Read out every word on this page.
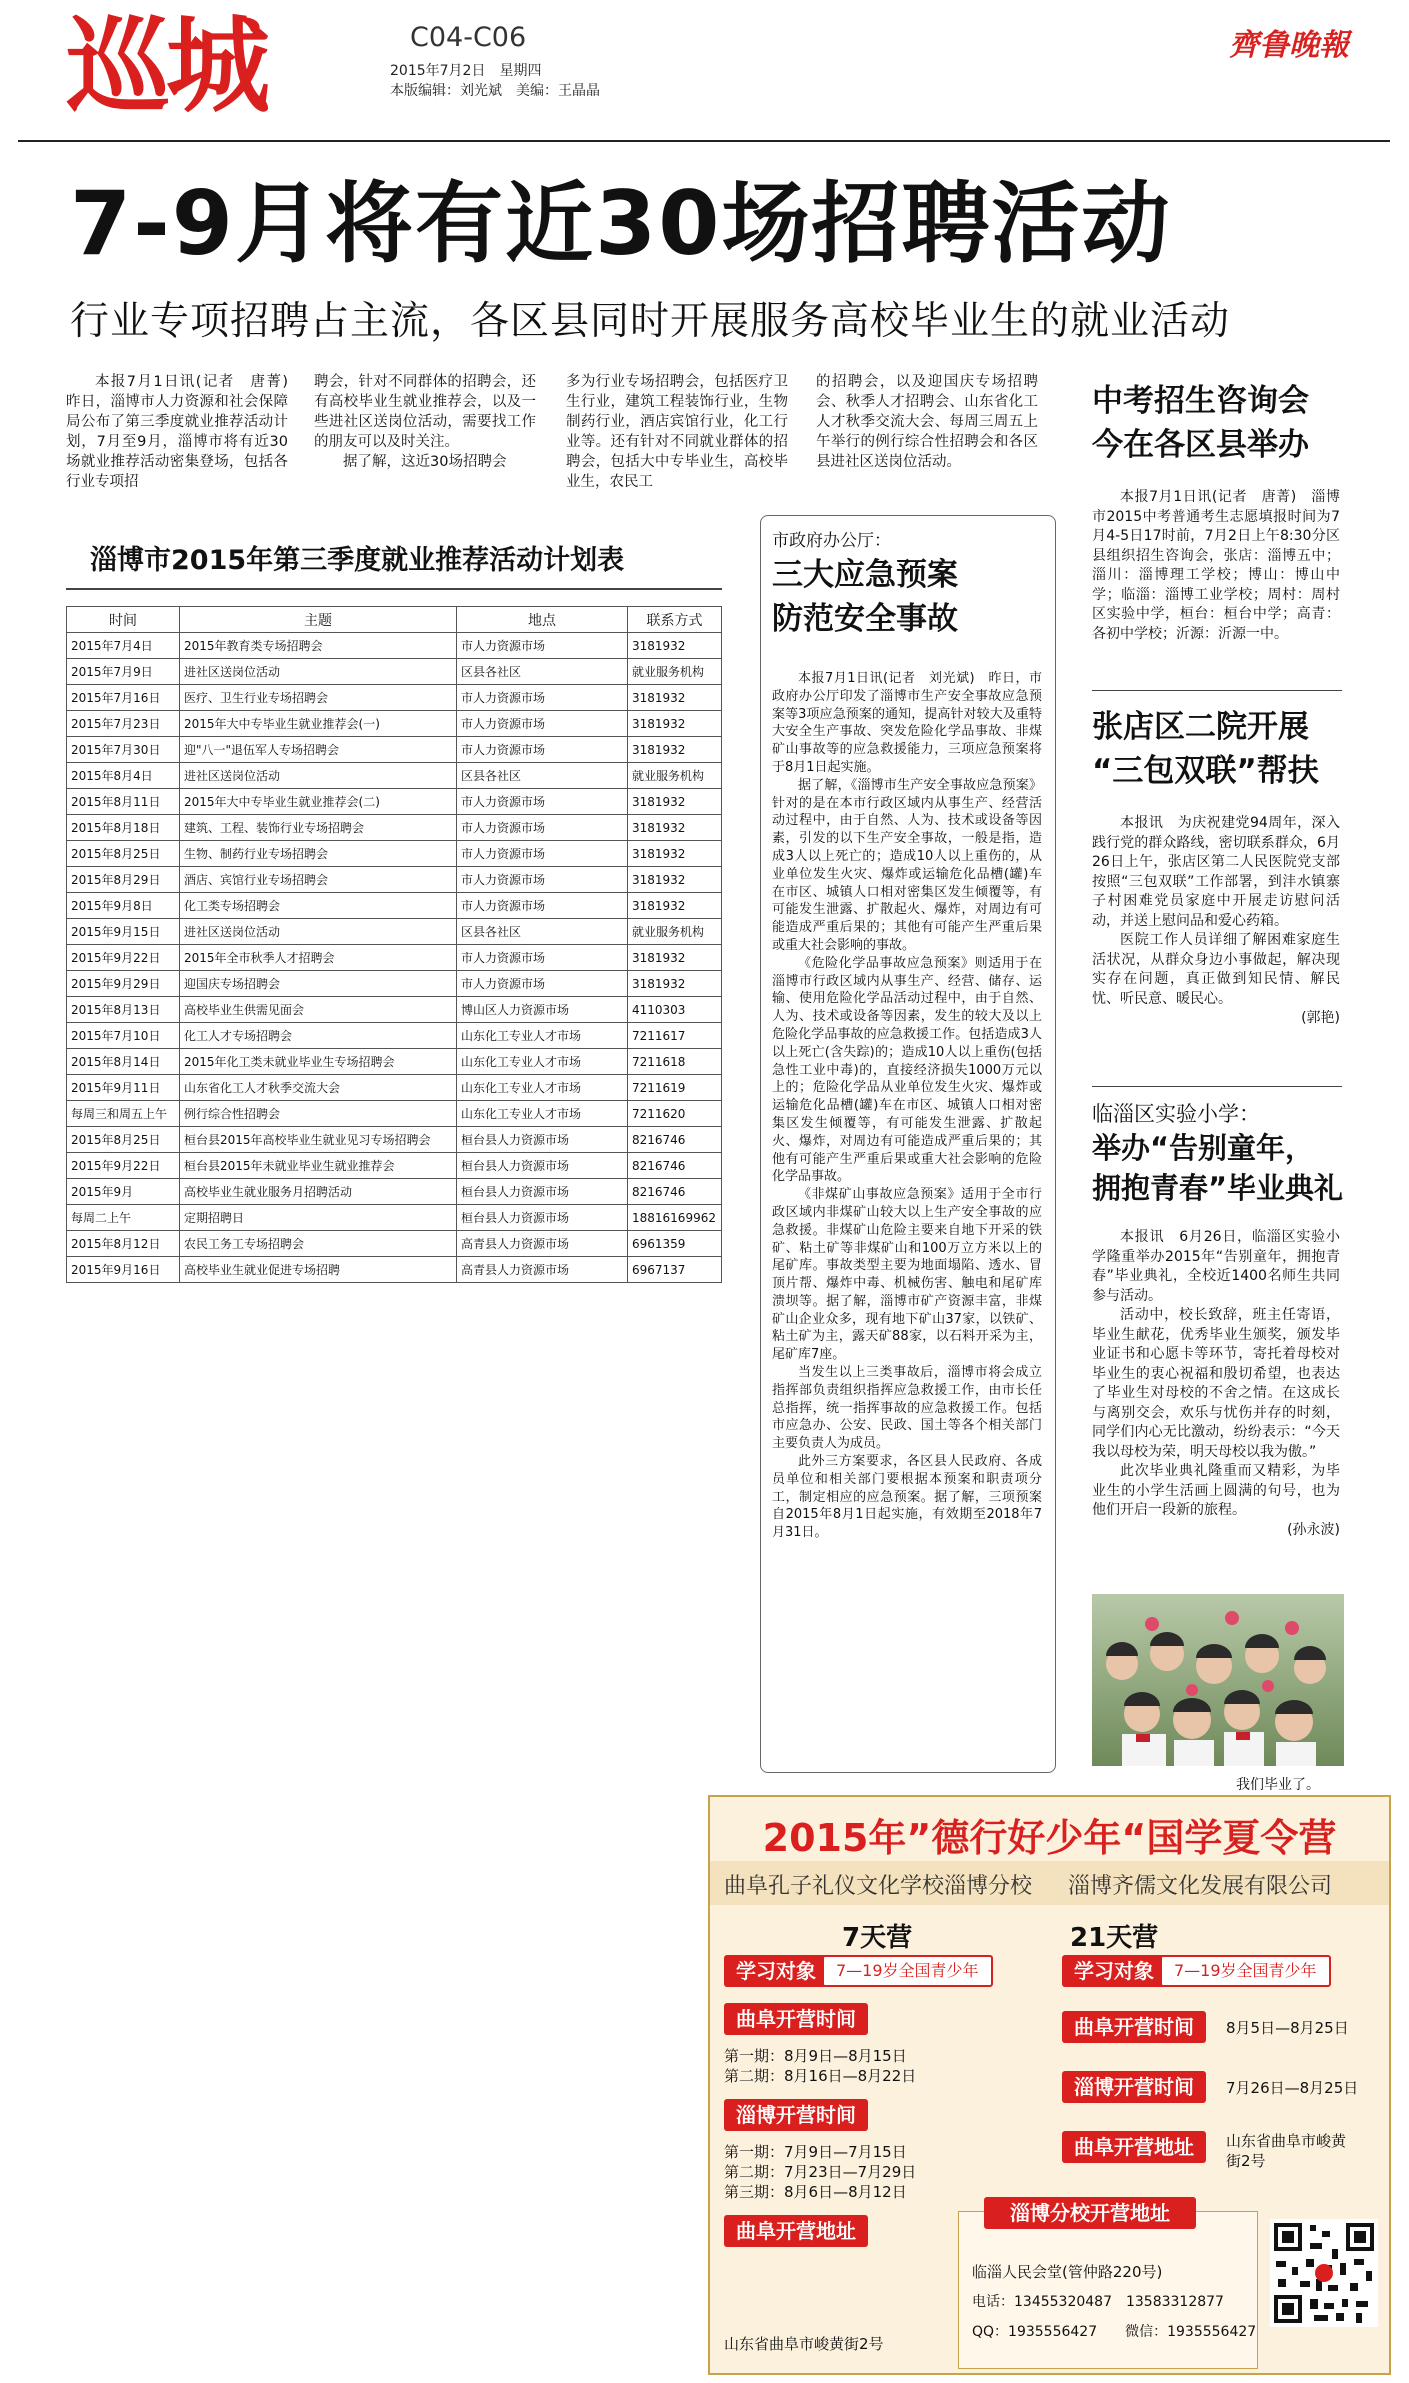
巡城	C04-C06
2015年7月2日　星期四
本版编辑：刘光斌　美编：王晶晶
齊鲁晚報
7-9月将有近30场招聘活动
行业专项招聘占主流，各区县同时开展服务高校毕业生的就业活动

本报7月1日讯(记者　唐菁)　昨日，淄博市人力资源和社会保障局公布了第三季度就业推荐活动计划，7月至9月，淄博市将有近30场就业推荐活动密集登场，包括各行业专项招

聘会，针对不同群体的招聘会，还有高校毕业生就业推荐会，以及一些进社区送岗位活动，需要找工作的朋友可以及时关注。

据了解，这近30场招聘会

多为行业专场招聘会，包括医疗卫生行业，建筑工程装饰行业，生物制药行业，酒店宾馆行业，化工行业等。还有针对不同就业群体的招聘会，包括大中专毕业生，高校毕业生，农民工

的招聘会，以及迎国庆专场招聘会、秋季人才招聘会、山东省化工人才秋季交流大会、每周三周五上午举行的例行综合性招聘会和各区县进社区送岗位活动。

淄博市2015年第三季度就业推荐活动计划表
时间	主题	地点	联系方式
2015年7月4日	2015年教育类专场招聘会	市人力资源市场	3181932
2015年7月9日	进社区送岗位活动	区县各社区	就业服务机构
2015年7月16日	医疗、卫生行业专场招聘会	市人力资源市场	3181932
2015年7月23日	2015年大中专毕业生就业推荐会(一)	市人力资源市场	3181932
2015年7月30日	迎"八一"退伍军人专场招聘会	市人力资源市场	3181932
2015年8月4日	进社区送岗位活动	区县各社区	就业服务机构
2015年8月11日	2015年大中专毕业生就业推荐会(二)	市人力资源市场	3181932
2015年8月18日	建筑、工程、装饰行业专场招聘会	市人力资源市场	3181932
2015年8月25日	生物、制药行业专场招聘会	市人力资源市场	3181932
2015年8月29日	酒店、宾馆行业专场招聘会	市人力资源市场	3181932
2015年9月8日	化工类专场招聘会	市人力资源市场	3181932
2015年9月15日	进社区送岗位活动	区县各社区	就业服务机构
2015年9月22日	2015年全市秋季人才招聘会	市人力资源市场	3181932
2015年9月29日	迎国庆专场招聘会	市人力资源市场	3181932
2015年8月13日	高校毕业生供需见面会	博山区人力资源市场	4110303
2015年7月10日	化工人才专场招聘会	山东化工专业人才市场	7211617
2015年8月14日	2015年化工类未就业毕业生专场招聘会	山东化工专业人才市场	7211618
2015年9月11日	山东省化工人才秋季交流大会	山东化工专业人才市场	7211619
每周三和周五上午	例行综合性招聘会	山东化工专业人才市场	7211620
2015年8月25日	桓台县2015年高校毕业生就业见习专场招聘会	桓台县人力资源市场	8216746
2015年9月22日	桓台县2015年未就业毕业生就业推荐会	桓台县人力资源市场	8216746
2015年9月	高校毕业生就业服务月招聘活动	桓台县人力资源市场	8216746
每周二上午	定期招聘日	桓台县人力资源市场	18816169962
2015年8月12日	农民工务工专场招聘会	高青县人力资源市场	6961359
2015年9月16日	高校毕业生就业促进专场招聘	高青县人力资源市场	6967137
市政府办公厅：
三大应急预案
防范安全事故

本报7月1日讯(记者　刘光斌)　昨日，市政府办公厅印发了淄博市生产安全事故应急预案等3项应急预案的通知，提高针对较大及重特大安全生产事故、突发危险化学品事故、非煤矿山事故等的应急救援能力，三项应急预案将于8月1日起实施。

据了解，《淄博市生产安全事故应急预案》针对的是在本市行政区域内从事生产、经营活动过程中，由于自然、人为、技术或设备等因素，引发的以下生产安全事故，一般是指，造成3人以上死亡的；造成10人以上重伤的，从业单位发生火灾、爆炸或运输危化品槽(罐)车在市区、城镇人口相对密集区发生倾覆等，有可能发生泄露、扩散起火、爆炸，对周边有可能造成严重后果的；其他有可能产生严重后果或重大社会影响的事故。

《危险化学品事故应急预案》则适用于在淄博市行政区域内从事生产、经营、储存、运输、使用危险化学品活动过程中，由于自然、人为、技术或设备等因素，发生的较大及以上危险化学品事故的应急救援工作。包括造成3人以上死亡(含失踪)的；造成10人以上重伤(包括急性工业中毒)的，直接经济损失1000万元以上的；危险化学品从业单位发生火灾、爆炸或运输危化品槽(罐)车在市区、城镇人口相对密集区发生倾覆等，有可能发生泄露、扩散起火、爆炸，对周边有可能造成严重后果的；其他有可能产生严重后果或重大社会影响的危险化学品事故。

《非煤矿山事故应急预案》适用于全市行政区域内非煤矿山较大以上生产安全事故的应急救援。非煤矿山危险主要来自地下开采的铁矿、粘土矿等非煤矿山和100万立方米以上的尾矿库。事故类型主要为地面塌陷、透水、冒顶片帮、爆炸中毒、机械伤害、触电和尾矿库溃坝等。据了解，淄博市矿产资源丰富，非煤矿山企业众多，现有地下矿山37家，以铁矿、粘土矿为主，露天矿88家，以石料开采为主，尾矿库7座。

当发生以上三类事故后，淄博市将会成立指挥部负责组织指挥应急救援工作，由市长任总指挥，统一指挥事故的应急救援工作。包括市应急办、公安、民政、国土等各个相关部门主要负责人为成员。

此外三方案要求，各区县人民政府、各成员单位和相关部门要根据本预案和职责项分工，制定相应的应急预案。据了解，三项预案自2015年8月1日起实施，有效期至2018年7月31日。

中考招生咨询会
今在各区县举办

本报7月1日讯(记者　唐菁)　淄博市2015中考普通考生志愿填报时间为7月4-5日17时前，7月2日上午8:30分区县组织招生咨询会，张店：淄博五中；淄川：淄博理工学校；博山：博山中学；临淄：淄博工业学校；周村：周村区实验中学，桓台：桓台中学；高青：各初中学校；沂源：沂源一中。

张店区二院开展
“三包双联”帮扶

本报讯　为庆祝建党94周年，深入践行党的群众路线，密切联系群众，6月26日上午，张店区第二人民医院党支部按照“三包双联”工作部署，到沣水镇寨子村困难党员家庭中开展走访慰问活动，并送上慰问品和爱心药箱。

医院工作人员详细了解困难家庭生活状况，从群众身边小事做起，解决现实存在问题，真正做到知民情、解民忧、听民意、暖民心。

(郭艳)

临淄区实验小学：
举办“告别童年，
拥抱青春”毕业典礼

本报讯　6月26日，临淄区实验小学隆重举办2015年“告别童年，拥抱青春”毕业典礼，全校近1400名师生共同参与活动。

活动中，校长致辞，班主任寄语，毕业生献花，优秀毕业生颁奖，颁发毕业证书和心愿卡等环节，寄托着母校对毕业生的衷心祝福和殷切希望，也表达了毕业生对母校的不舍之情。在这成长与离别交会，欢乐与忧伤并存的时刻，同学们内心无比激动，纷纷表示：“今天我以母校为荣，明天母校以我为傲。”

此次毕业典礼隆重而又精彩，为毕业生的小学生活画上圆满的句号，也为他们开启一段新的旅程。

(孙永波)

我们毕业了。
2015年”德行好少年“国学夏令营
曲阜孔子礼仪文化学校淄博分校 淄博齐儒文化发展有限公司
7天营
学习对象	7—19岁全国青少年
曲阜开营时间
第一期：8月9日—8月15日
第二期：8月16日—8月22日
淄博开营时间
第一期：7月9日—7月15日
第二期：7月23日—7月29日
第三期：8月6日—8月12日
曲阜开营地址
山东省曲阜市峻黄街2号
21天营
学习对象	7—19岁全国青少年
曲阜开营时间	8月5日—8月25日
淄博开营时间	7月26日—8月25日
曲阜开营地址	山东省曲阜市峻黄街2号
淄博分校开营地址
临淄人民会堂(管仲路220号)
电话：13455320487　13583312877
QQ：1935556427　　微信：1935556427
